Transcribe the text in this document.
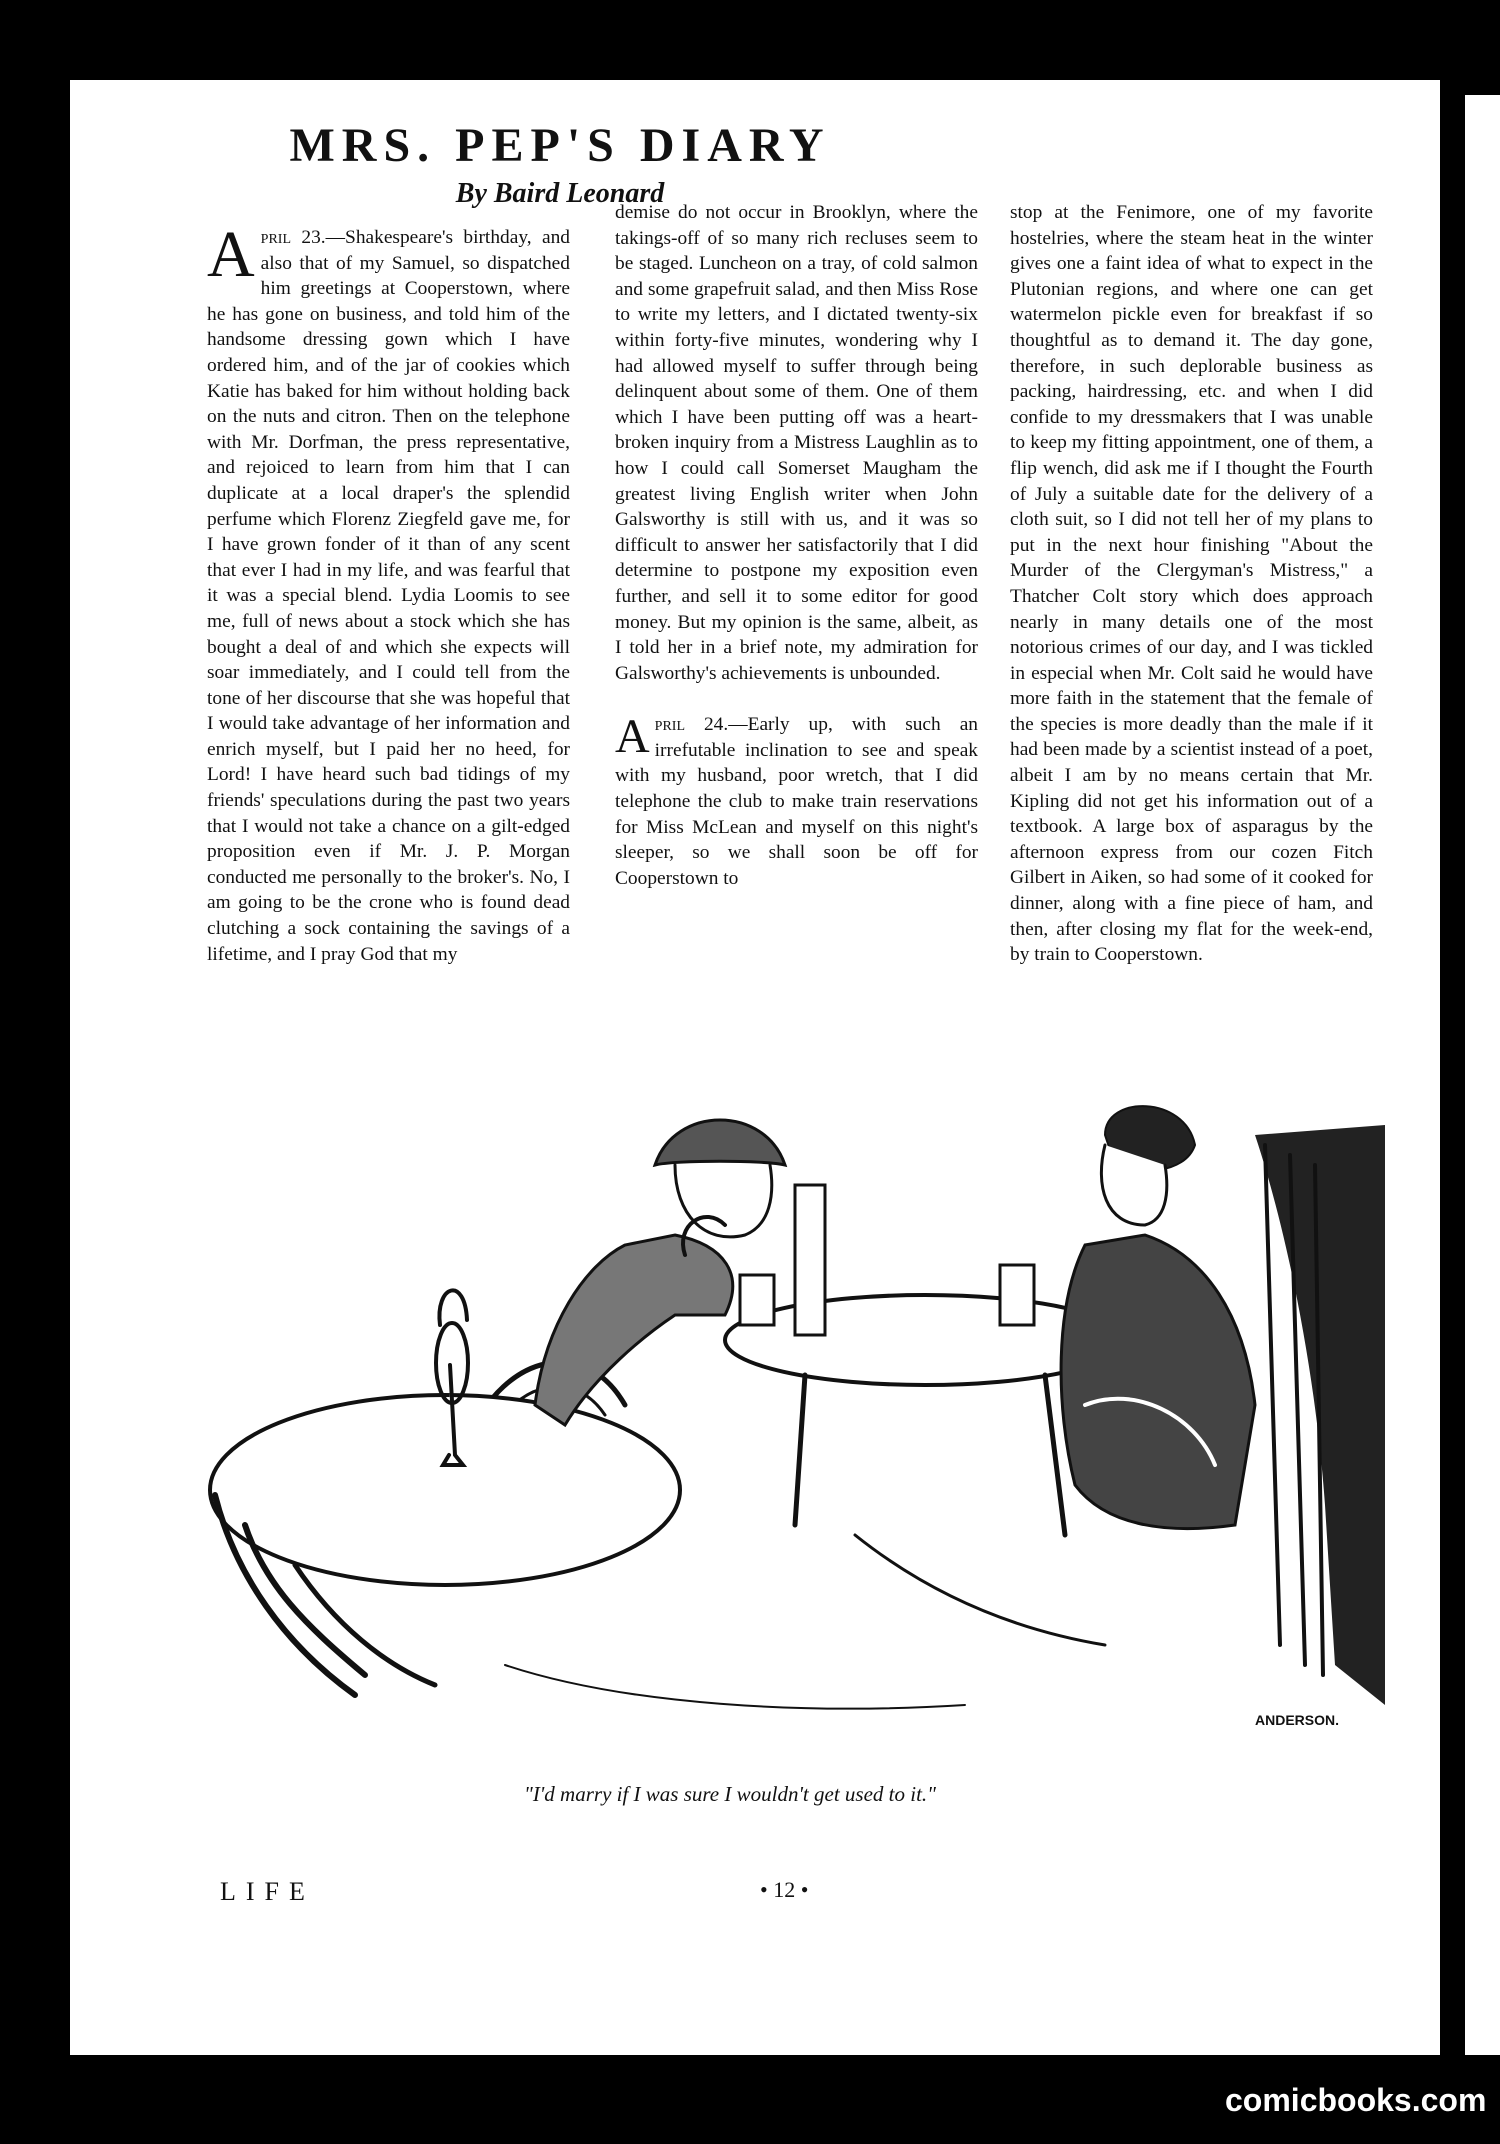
MRS. PEP'S DIARY

By Baird Leonard

April 23.—Shakespeare's birthday, and also that of my Samuel, so dispatched him greetings at Cooperstown, where he has gone on business, and told him of the handsome dressing gown which I have ordered him, and of the jar of cookies which Katie has baked for him without holding back on the nuts and citron. Then on the telephone with Mr. Dorfman, the press representative, and rejoiced to learn from him that I can duplicate at a local draper's the splendid perfume which Florenz Ziegfeld gave me, for I have grown fonder of it than of any scent that ever I had in my life, and was fearful that it was a special blend. Lydia Loomis to see me, full of news about a stock which she has bought a deal of and which she expects will soar immediately, and I could tell from the tone of her discourse that she was hopeful that I would take advantage of her information and enrich myself, but I paid her no heed, for Lord! I have heard such bad tidings of my friends' speculations during the past two years that I would not take a chance on a gilt-edged proposition even if Mr. J. P. Morgan conducted me personally to the broker's. No, I am going to be the crone who is found dead clutching a sock containing the savings of a lifetime, and I pray God that my

demise do not occur in Brooklyn, where the takings-off of so many rich recluses seem to be staged. Luncheon on a tray, of cold salmon and some grapefruit salad, and then Miss Rose to write my letters, and I dictated twenty-six within forty-five minutes, wondering why I had allowed myself to suffer through being delinquent about some of them. One of them which I have been putting off was a heart-broken inquiry from a Mistress Laughlin as to how I could call Somerset Maugham the greatest living English writer when John Galsworthy is still with us, and it was so difficult to answer her satisfactorily that I did determine to postpone my exposition even further, and sell it to some editor for good money. But my opinion is the same, albeit, as I told her in a brief note, my admiration for Galsworthy's achievements is unbounded.

April 24.—Early up, with such an irrefutable inclination to see and speak with my husband, poor wretch, that I did telephone the club to make train reservations for Miss McLean and myself on this night's sleeper, so we shall soon be off for Cooperstown to

stop at the Fenimore, one of my favorite hostelries, where the steam heat in the winter gives one a faint idea of what to expect in the Plutonian regions, and where one can get watermelon pickle even for breakfast if so thoughtful as to demand it. The day gone, therefore, in such deplorable business as packing, hairdressing, etc. and when I did confide to my dressmakers that I was unable to keep my fitting appointment, one of them, a flip wench, did ask me if I thought the Fourth of July a suitable date for the delivery of a cloth suit, so I did not tell her of my plans to put in the next hour finishing "About the Murder of the Clergyman's Mistress," a Thatcher Colt story which does approach nearly in many details one of the most notorious crimes of our day, and I was tickled in especial when Mr. Colt said he would have more faith in the statement that the female of the species is more deadly than the male if it had been made by a scientist instead of a poet, albeit I am by no means certain that Mr. Kipling did not get his information out of a textbook. A large box of asparagus by the afternoon express from our cozen Fitch Gilbert in Aiken, so had some of it cooked for dinner, along with a fine piece of ham, and then, after closing my flat for the week-end, by train to Cooperstown.

ANDERSON.

"I'd marry if I was sure I wouldn't get used to it."

LIFE	• 12 •

comicbooks.com
